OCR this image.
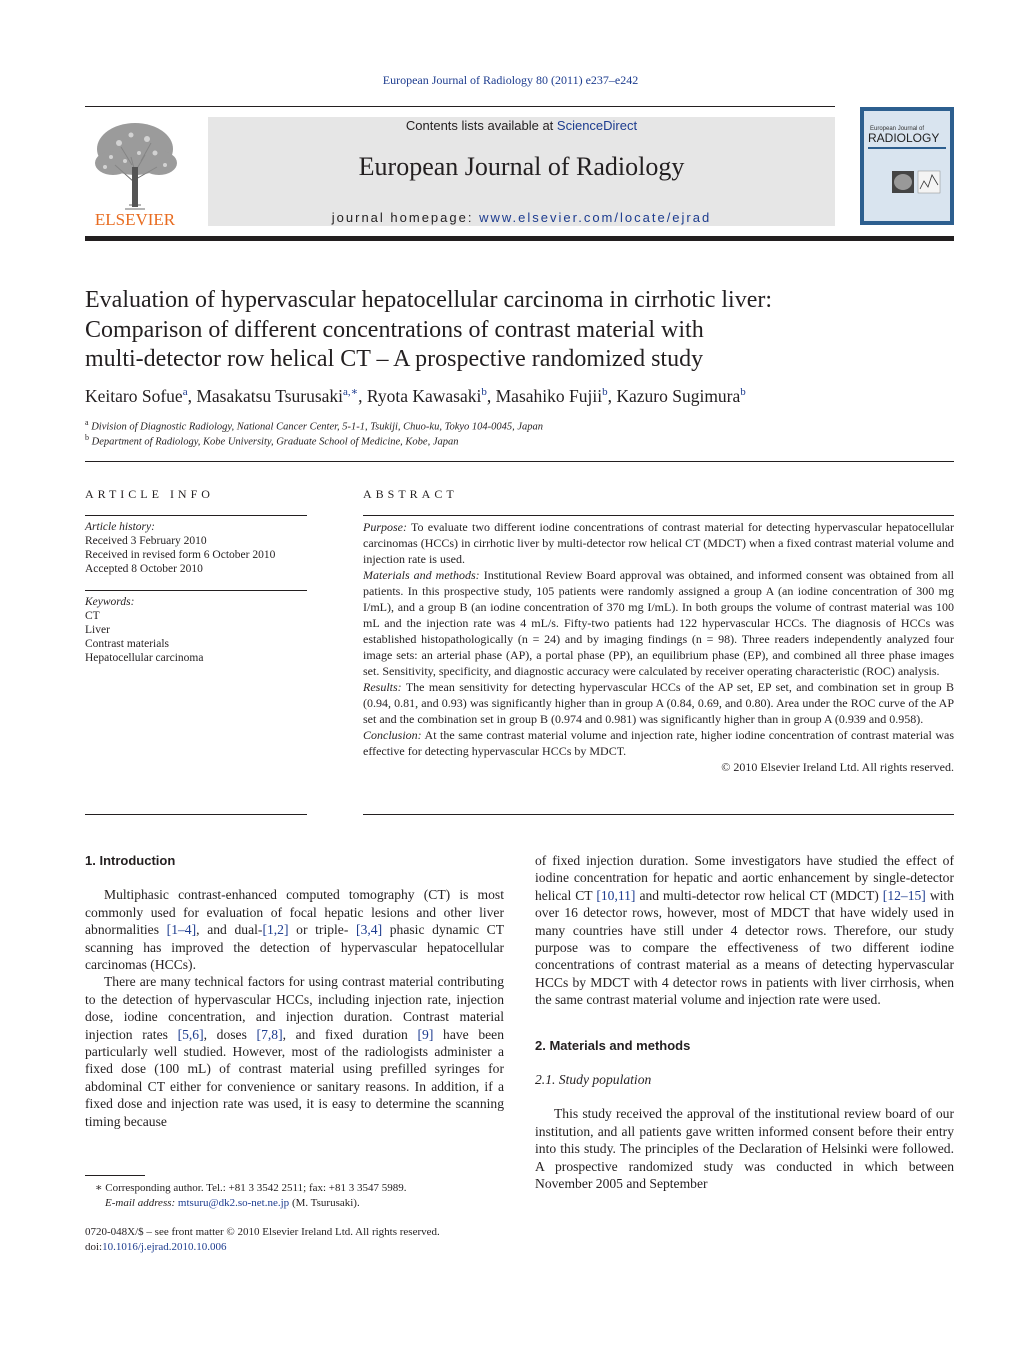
European Journal of Radiology 80 (2011) e237–e242
ELSEVIER
Contents lists available at ScienceDirect
European Journal of Radiology
journal homepage: www.elsevier.com/locate/ejrad
European Journal of
RADIOLOGY
Evaluation of hypervascular hepatocellular carcinoma in cirrhotic liver:
Comparison of different concentrations of contrast material with
multi-detector row helical CT – A prospective randomized study
Keitaro Sofue$^a$, Masakatsu Tsurusaki$^{a,∗}$, Ryota Kawasaki$^b$, Masahiko Fujii$^b$, Kazuro Sugimura$^b$
$^a$ Division of Diagnostic Radiology, National Cancer Center, 5-1-1, Tsukiji, Chuo-ku, Tokyo 104-0045, Japan
$^b$ Department of Radiology, Kobe University, Graduate School of Medicine, Kobe, Japan
ARTICLE INFO
Article history:
Received 3 February 2010
Received in revised form 6 October 2010
Accepted 8 October 2010
Keywords:
CT
Liver
Contrast materials
Hepatocellular carcinoma
ABSTRACT
Purpose: To evaluate two different iodine concentrations of contrast material for detecting hypervascular hepatocellular carcinomas (HCCs) in cirrhotic liver by multi-detector row helical CT (MDCT) when a fixed contrast material volume and injection rate is used.
Materials and methods: Institutional Review Board approval was obtained, and informed consent was obtained from all patients. In this prospective study, 105 patients were randomly assigned a group A (an iodine concentration of 300 mg I/mL), and a group B (an iodine concentration of 370 mg I/mL). In both groups the volume of contrast material was 100 mL and the injection rate was 4 mL/s. Fifty-two patients had 122 hypervascular HCCs. The diagnosis of HCCs was established histopathologically (n = 24) and by imaging findings (n = 98). Three readers independently analyzed four image sets: an arterial phase (AP), a portal phase (PP), an equilibrium phase (EP), and combined all three phase images set. Sensitivity, specificity, and diagnostic accuracy were calculated by receiver operating characteristic (ROC) analysis.
Results: The mean sensitivity for detecting hypervascular HCCs of the AP set, EP set, and combination set in group B (0.94, 0.81, and 0.93) was significantly higher than in group A (0.84, 0.69, and 0.80). Area under the ROC curve of the AP set and the combination set in group B (0.974 and 0.981) was significantly higher than in group A (0.939 and 0.958).
Conclusion: At the same contrast material volume and injection rate, higher iodine concentration of contrast material was effective for detecting hypervascular HCCs by MDCT.
© 2010 Elsevier Ireland Ltd. All rights reserved.
1. Introduction

Multiphasic contrast-enhanced computed tomography (CT) is most commonly used for evaluation of focal hepatic lesions and other liver abnormalities [1–4], and dual-[1,2] or triple- [3,4] phasic dynamic CT scanning has improved the detection of hypervascular hepatocellular carcinomas (HCCs).

There are many technical factors for using contrast material contributing to the detection of hypervascular HCCs, including injection rate, injection dose, iodine concentration, and injection duration. Contrast material injection rates [5,6], doses [7,8], and fixed duration [9] have been particularly well studied. However, most of the radiologists administer a fixed dose (100 mL) of contrast material using prefilled syringes for abdominal CT either for convenience or sanitary reasons. In addition, if a fixed dose and injection rate was used, it is easy to determine the scanning timing because

of fixed injection duration. Some investigators have studied the effect of iodine concentration for hepatic and aortic enhancement by single-detector helical CT [10,11] and multi-detector row helical CT (MDCT) [12–15] with over 16 detector rows, however, most of MDCT that have widely used in many countries have still under 4 detector rows. Therefore, our study purpose was to compare the effectiveness of two different iodine concentrations of contrast material as a means of detecting hypervascular HCCs by MDCT with 4 detector rows in patients with liver cirrhosis, when the same contrast material volume and injection rate were used.

2. Materials and methods
2.1. Study population

This study received the approval of the institutional review board of our institution, and all patients gave written informed consent before their entry into this study. The principles of the Declaration of Helsinki were followed. A prospective randomized study was conducted in which between November 2005 and September

∗ Corresponding author. Tel.: +81 3 3542 2511; fax: +81 3 3547 5989.
E-mail address: mtsuru@dk2.so-net.ne.jp (M. Tsurusaki).
0720-048X/$ – see front matter © 2010 Elsevier Ireland Ltd. All rights reserved.
doi:10.1016/j.ejrad.2010.10.006
